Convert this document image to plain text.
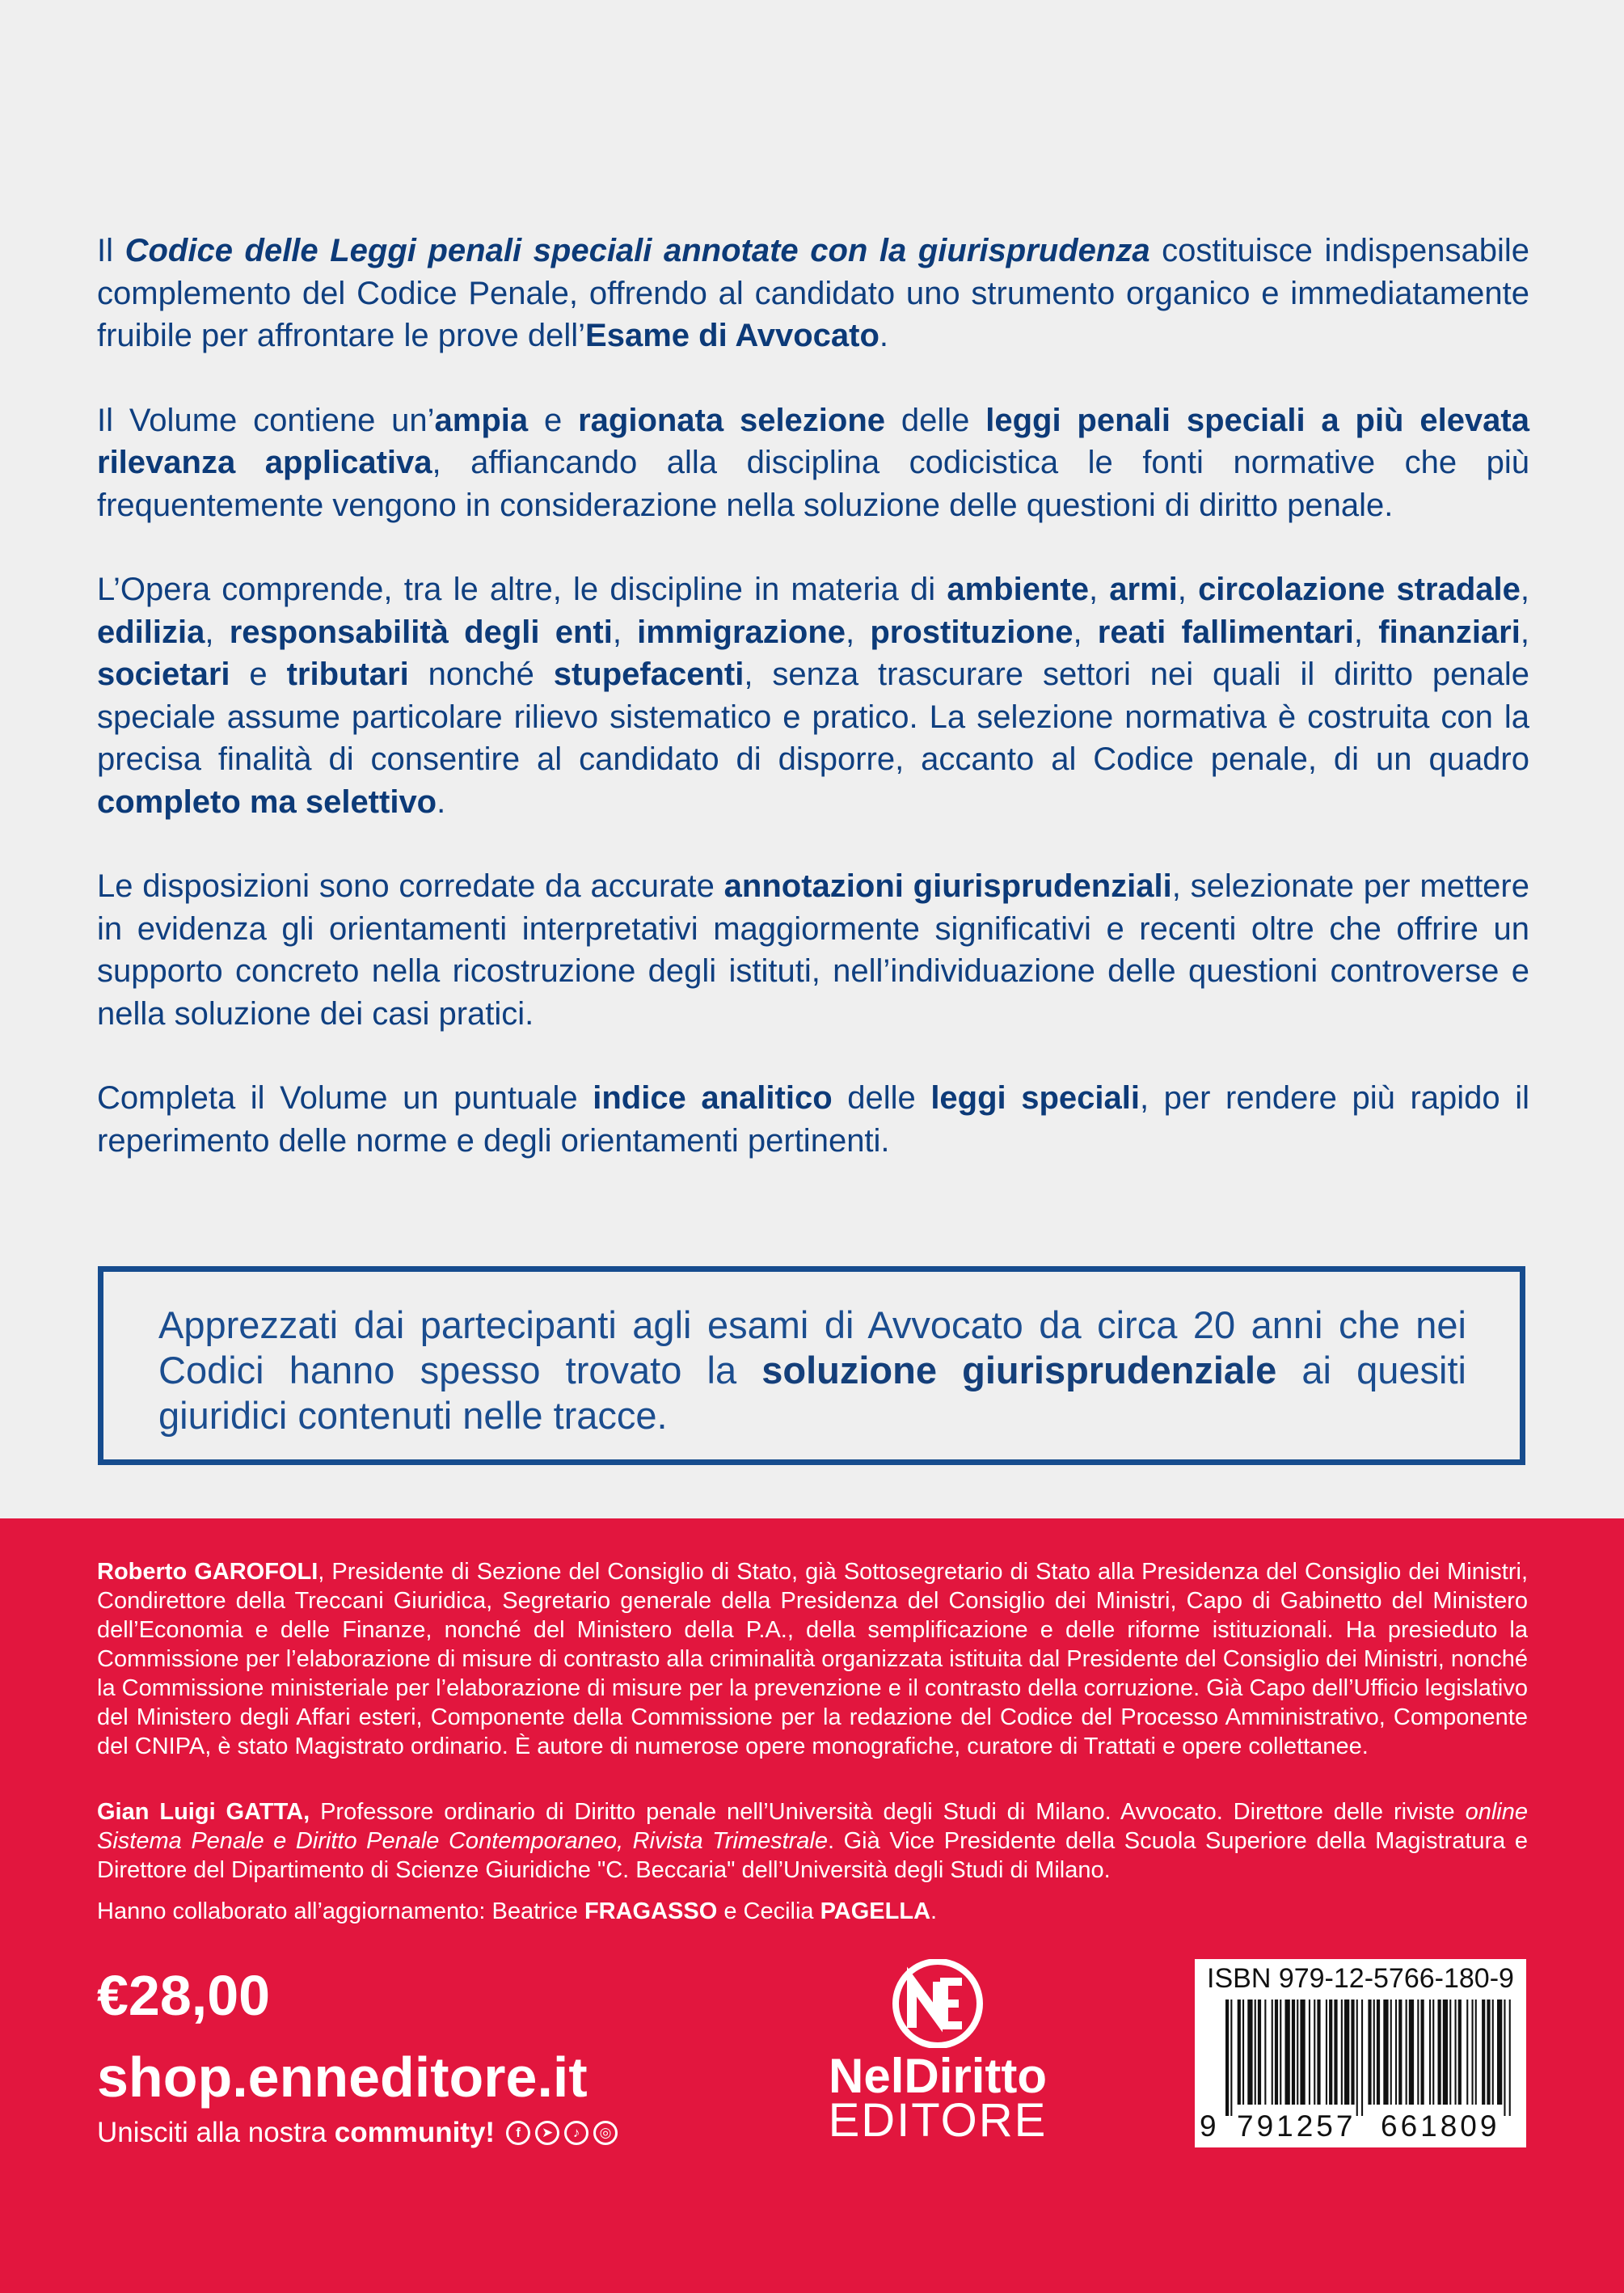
Il Codice delle Leggi penali speciali annotate con la giurisprudenza costituisce indispensabile complemento del Codice Penale, offrendo al candidato uno strumento organico e immediatamente fruibile per affrontare le prove dell’Esame di Avvocato.

Il Volume contiene un’ampia e ragionata selezione delle leggi penali speciali a più elevata rilevanza applicativa, affiancando alla disciplina codicistica le fonti normative che più frequentemente vengono in considerazione nella soluzione delle questioni di diritto penale.

L’Opera comprende, tra le altre, le discipline in materia di ambiente, armi, circolazione stradale, edilizia, responsabilità degli enti, immigrazione, prostituzione, reati fallimentari, finanziari, societari e tributari nonché stupefacenti, senza trascurare settori nei quali il diritto penale speciale assume particolare rilievo sistematico e pratico. La selezione normativa è costruita con la precisa finalità di consentire al candidato di disporre, accanto al Codice penale, di un quadro completo ma selettivo.

Le disposizioni sono corredate da accurate annotazioni giurisprudenziali, selezionate per mettere in evidenza gli orientamenti interpretativi maggiormente significativi e recenti oltre che offrire un supporto concreto nella ricostruzione degli istituti, nell’individuazione delle questioni controverse e nella soluzione dei casi pratici.

Completa il Volume un puntuale indice analitico delle leggi speciali, per rendere più rapido il reperimento delle norme e degli orientamenti pertinenti.

Apprezzati dai partecipanti agli esami di Avvocato da circa 20 anni che nei Codici hanno spesso trovato la soluzione giurisprudenziale ai quesiti giuridici contenuti nelle tracce.

Roberto GAROFOLI, Presidente di Sezione del Consiglio di Stato, già Sottosegretario di Stato alla Presidenza del Consiglio dei Ministri, Condirettore della Treccani Giuridica, Segretario generale della Presidenza del Consiglio dei Ministri, Capo di Gabinetto del Ministero dell’Economia e delle Finanze, nonché del Ministero della P.A., della semplificazione e delle riforme istituzionali. Ha presieduto la Commissione per l’elaborazione di misure di contrasto alla criminalità organizzata istituita dal Presidente del Consiglio dei Ministri, nonché la Commissione ministeriale per l’elaborazione di misure per la prevenzione e il contrasto della corruzione. Già Capo dell’Ufficio legislativo del Ministero degli Affari esteri, Componente della Commissione per la redazione del Codice del Processo Amministrativo, Componente del CNIPA, è stato Magistrato ordinario. È autore di numerose opere monografiche, curatore di Trattati e opere collettanee.

Gian Luigi GATTA, Professore ordinario di Diritto penale nell’Università degli Studi di Milano. Avvocato. Direttore delle riviste online Sistema Penale e Diritto Penale Contemporaneo, Rivista Trimestrale. Già Vice Presidente della Scuola Superiore della Magistratura e Direttore del Dipartimento di Scienze Giuridiche "C. Beccaria" dell’Università degli Studi di Milano.

Hanno collaborato all’aggiornamento: Beatrice FRAGASSO e Cecilia PAGELLA.

€28,00

shop.enneditore.it

Unisciti alla nostra community!	f	➤	♪	◎
NelDiritto
EDITORE
ISBN 979-12-5766-180-9
9 791257 661809
